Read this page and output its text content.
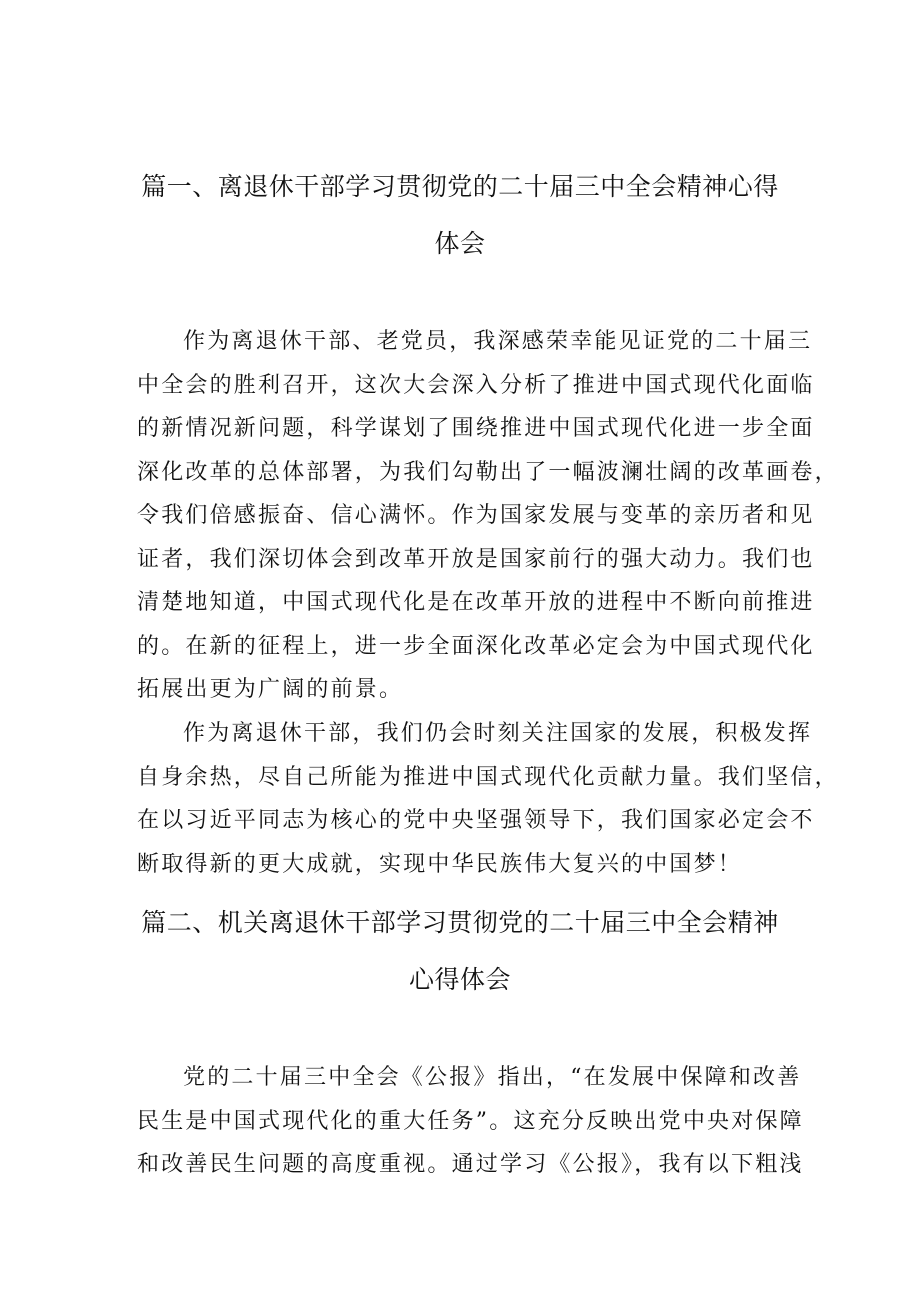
篇一、离退休干部学习贯彻党的二十届三中全会精神心得
体会
作为离退休干部、老党员，我深感荣幸能见证党的二十届三
中全会的胜利召开，这次大会深入分析了推进中国式现代化面临
的新情况新问题，科学谋划了围绕推进中国式现代化进一步全面
深化改革的总体部署，为我们勾勒出了一幅波澜壮阔的改革画卷，
令我们倍感振奋、信心满怀。作为国家发展与变革的亲历者和见
证者，我们深切体会到改革开放是国家前行的强大动力。我们也
清楚地知道，中国式现代化是在改革开放的进程中不断向前推进
的。在新的征程上，进一步全面深化改革必定会为中国式现代化
拓展出更为广阔的前景。
作为离退休干部，我们仍会时刻关注国家的发展，积极发挥
自身余热，尽自己所能为推进中国式现代化贡献力量。我们坚信，
在以习近平同志为核心的党中央坚强领导下，我们国家必定会不
断取得新的更大成就，实现中华民族伟大复兴的中国梦！
篇二、机关离退休干部学习贯彻党的二十届三中全会精神
心得体会
党的二十届三中全会《公报》指出，“在发展中保障和改善
民生是中国式现代化的重大任务”。这充分反映出党中央对保障
和改善民生问题的高度重视。通过学习《公报》，我有以下粗浅
